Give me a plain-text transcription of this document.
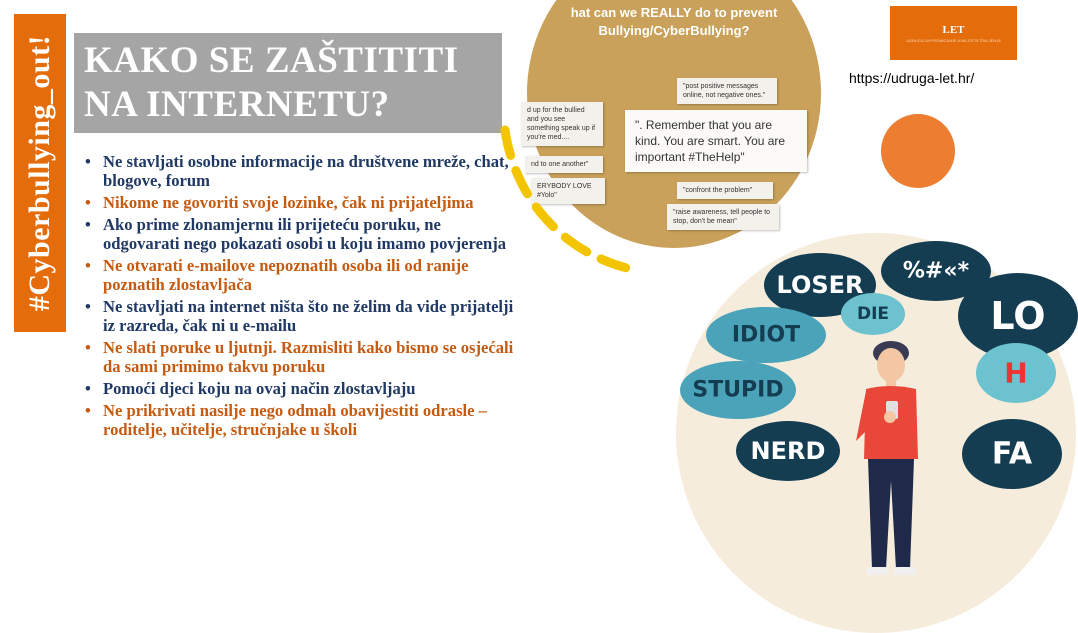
#Cyberbullying_out! KAKO SE ZAŠTITITI
NA INTERNETU?
• Ne stavljati osobne informacije na društvene mreže, chat, blogove, forum
• Nikome ne govoriti svoje lozinke, čak ni prijateljima
• Ako prime zlonamjernu ili prijeteću poruku, ne odgovarati nego pokazati osobi u koju imamo povjerenja
• Ne otvarati e-mailove nepoznatih osoba ili od ranije poznatih zlostavljača
• Ne stavljati na internet ništa što ne želim da vide prijatelji iz razreda, čak ni u e-mailu
• Ne slati poruke u ljutnji. Razmisliti kako bismo se osjećali da sami primimo takvu poruku
• Pomoći djeci koju na ovaj način zlostavljaju
• Ne prikrivati nasilje nego odmah obavijestiti odrasle – roditelje, učitelje, stručnjake u školi
hat can we REALLY do to prevent
Bullying/CyberBullying?
"post positive messages online, not negative ones."
d up for the bullied and you see something speak up if you're med....
". Remember that you are kind. You are smart. You are important #TheHelp"
nd to one another"
ERYBODY LOVE #Yolo"
"confront the problem"
"raise awareness, tell people to stop, don't be mean"
LET
UDRUGA ZA PROMICANJE KVALITETE ŽIVLJENJA
https://udruga-let.hr/
LOSER	%#«*
DIE	LO
IDIOT
STUPID
H
NERD	FA
